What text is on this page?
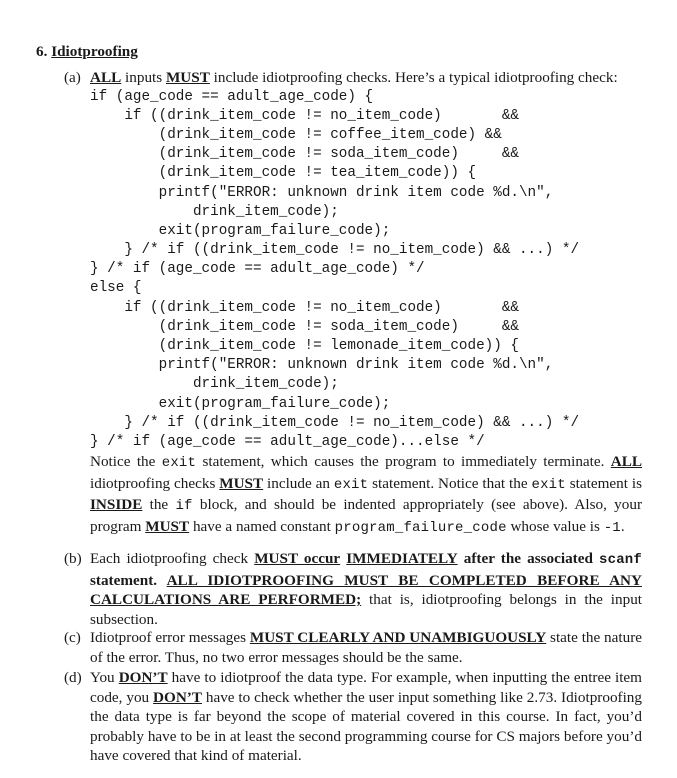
6. Idiotproofing
(a) ALL inputs MUST include idiotproofing checks. Here’s a typical idiotproofing check:
if (age_code == adult_age_code) {
if ((drink_item_code != no_item_code)       &&
(drink_item_code != coffee_item_code) &&
(drink_item_code != soda_item_code)     &&
(drink_item_code != tea_item_code)) {
printf("ERROR: unknown drink item code %d.\n",
drink_item_code);
exit(program_failure_code);
} /* if ((drink_item_code != no_item_code) && ...) */
} /* if (age_code == adult_age_code) */
else {
if ((drink_item_code != no_item_code)       &&
(drink_item_code != soda_item_code)     &&
(drink_item_code != lemonade_item_code)) {
printf("ERROR: unknown drink item code %d.\n",
drink_item_code);
exit(program_failure_code);
} /* if ((drink_item_code != no_item_code) && ...) */
} /* if (age_code == adult_age_code)...else */
Notice the exit statement, which causes the program to immediately terminate. ALL idiotproofing checks MUST include an exit statement. Notice that the exit statement is INSIDE the if block, and should be indented appropriately (see above). Also, your program MUST have a named constant program_failure_code whose value is -1.
(b) Each idiotproofing check MUST occur IMMEDIATELY after the associated scanf statement. ALL IDIOTPROOFING MUST BE COMPLETED BEFORE ANY CALCULATIONS ARE PERFORMED; that is, idiotproofing belongs in the input subsection.
(c) Idiotproof error messages MUST CLEARLY AND UNAMBIGUOUSLY state the nature of the error. Thus, no two error messages should be the same.
(d) You DON’T have to idiotproof the data type. For example, when inputting the entree item code, you DON’T have to check whether the user input something like 2.73. Idiotproofing the data type is far beyond the scope of material covered in this course. In fact, you’d probably have to be in at least the second programming course for CS majors before you’d have covered that kind of material.
